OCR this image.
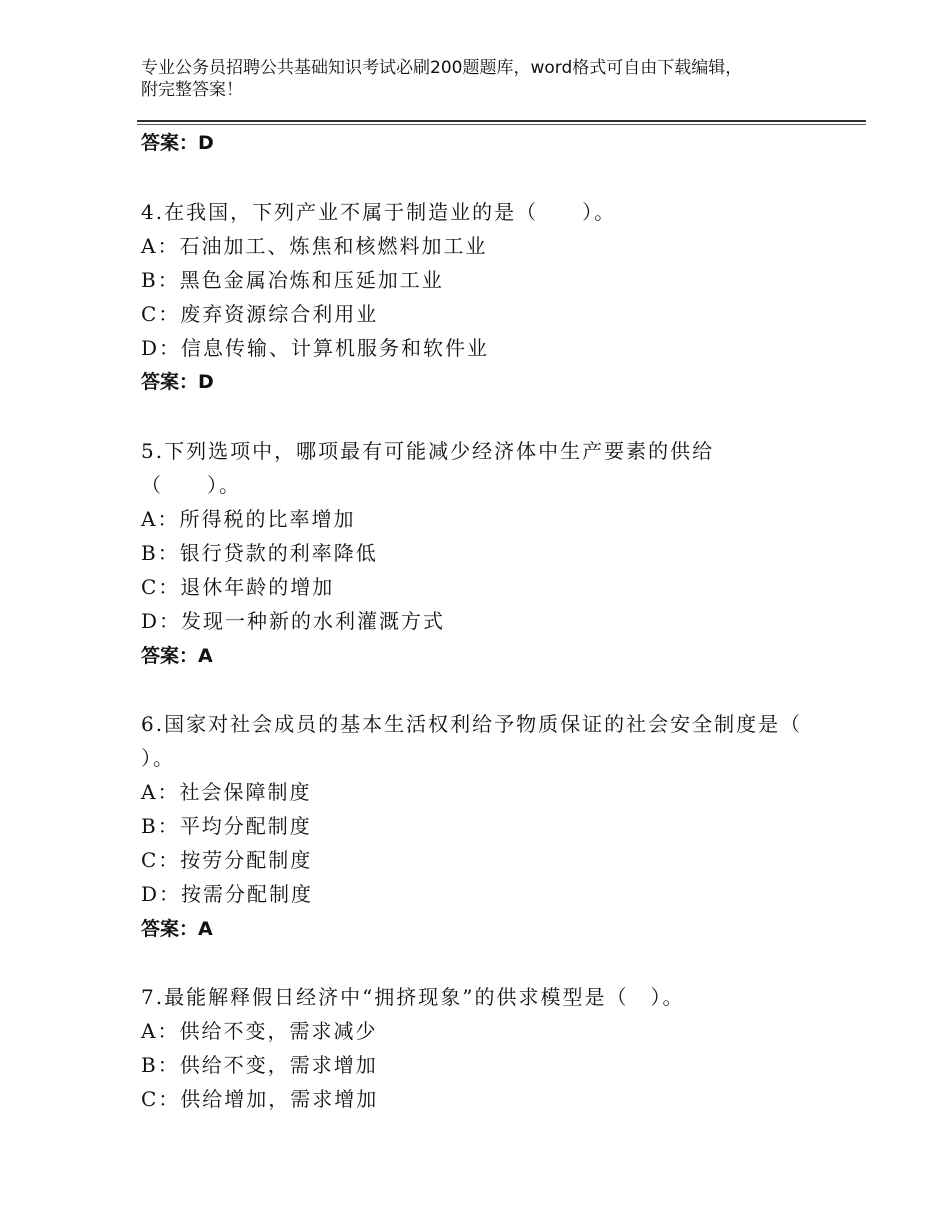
专业公务员招聘公共基础知识考试必刷200题题库，word格式可自由下载编辑，
附完整答案！
答案：D
4.在我国，下列产业不属于制造业的是（　　）。
A：石油加工、炼焦和核燃料加工业
B：黑色金属冶炼和压延加工业
C：废弃资源综合利用业
D：信息传输、计算机服务和软件业
答案：D
5.下列选项中，哪项最有可能减少经济体中生产要素的供给
（　　）。
A：所得税的比率增加
B：银行贷款的利率降低
C：退休年龄的增加
D：发现一种新的水利灌溉方式
答案：A
6.国家对社会成员的基本生活权利给予物质保证的社会安全制度是（
）。
A：社会保障制度
B：平均分配制度
C：按劳分配制度
D：按需分配制度
答案：A
7.最能解释假日经济中“拥挤现象”的供求模型是（　）。
A：供给不变，需求减少
B：供给不变，需求增加
C：供给增加，需求增加
